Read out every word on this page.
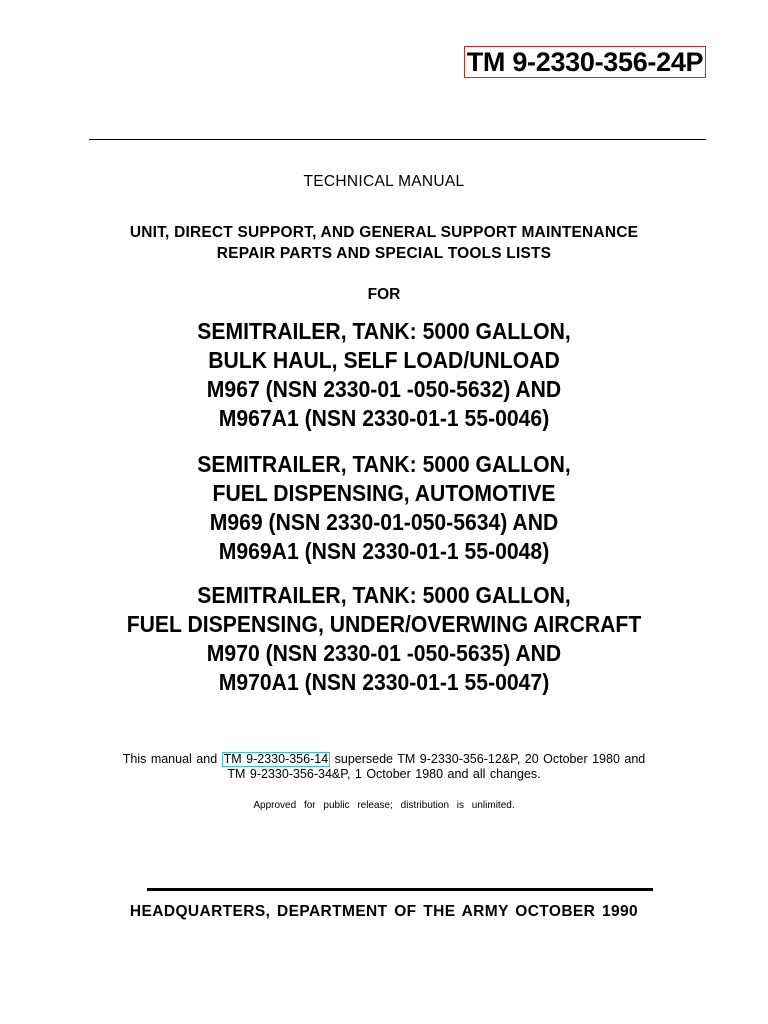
TM 9-2330-356-24P
TECHNICAL MANUAL
UNIT, DIRECT SUPPORT, AND GENERAL SUPPORT MAINTENANCE
REPAIR PARTS AND SPECIAL TOOLS LISTS
FOR
SEMITRAILER, TANK: 5000 GALLON,
BULK HAUL, SELF LOAD/UNLOAD
M967 (NSN 2330-01 -050-5632) AND
M967A1 (NSN 2330-01-1 55-0046)
SEMITRAILER, TANK: 5000 GALLON,
FUEL DISPENSING, AUTOMOTIVE
M969 (NSN 2330-01-050-5634) AND
M969A1 (NSN 2330-01-1 55-0048)
SEMITRAILER, TANK: 5000 GALLON,
FUEL DISPENSING, UNDER/OVERWING AIRCRAFT
M970 (NSN 2330-01 -050-5635) AND
M970A1 (NSN 2330-01-1 55-0047)
This manual and TM 9-2330-356-14 supersede TM 9-2330-356-12&P, 20 October 1980 and
TM 9-2330-356-34&P, 1 October 1980 and all changes.
Approved for public release; distribution is unlimited.
HEADQUARTERS, DEPARTMENT OF THE ARMY OCTOBER 1990
